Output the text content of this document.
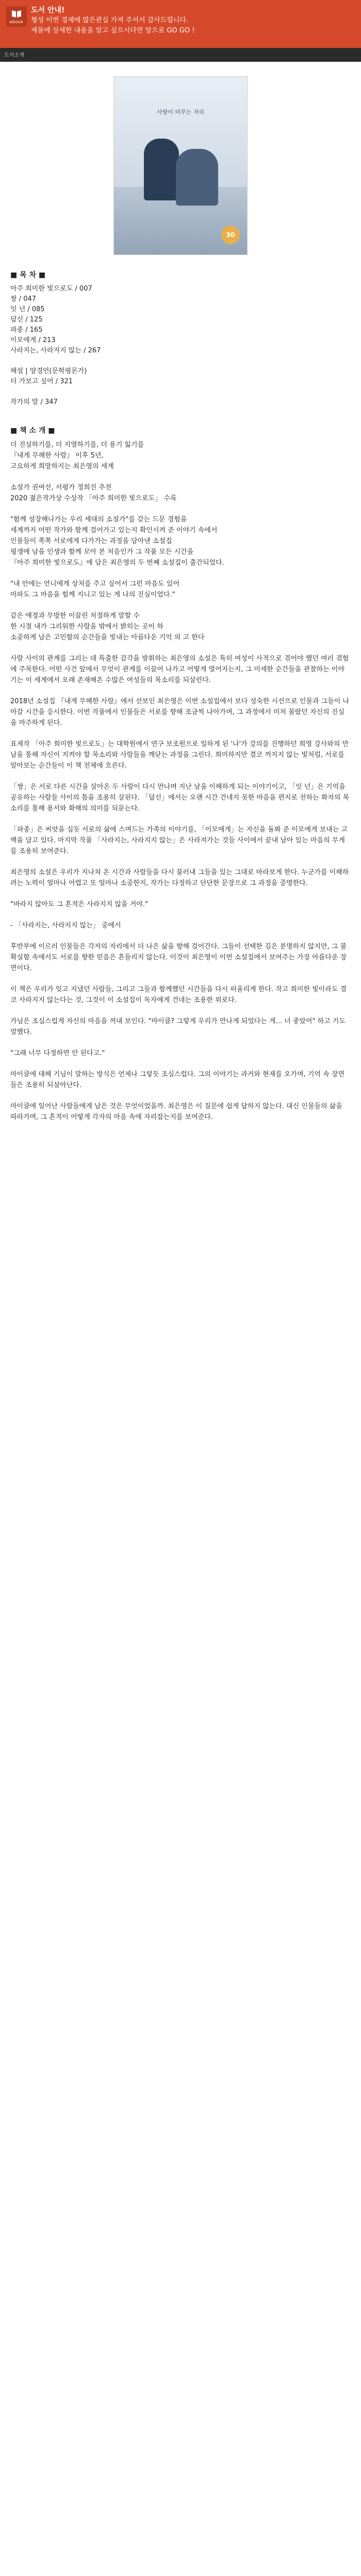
ebook
도서 안내!
형성 이번 경제에 많은관심 가져 주셔서 감사드립니다.
제품에 상세한 내용을 알고 싶으시다면 알으로 GO GO !
도서소개
사랑이 머무는 자리
30
■ 목 차 ■
아주 희미한 빛으로도 / 007
쌍 / 047
잇 넌 / 085
답신 / 125
파종 / 165
이모에게 / 213
사라지는, 사라지지 않는 / 267

해설 | 양경언(문학평론가)
더 가보고 싶어 / 321

작가의 말 / 347
■ 책 소 개 ■

더 진실하기를, 더 지열하기를, 더 용기 잃기를
『내게 무해한 사람』 이후 5년,
고요하게 희망하지는 최은영의 세계

소설가 권여선, 서평가 정희진 추천
2020 젊은작가상 수상작 「아주 희미한 빛으로도」 수록

"함께 성장해나가는 우리 세대의 소설가"를 갖는 드문 경험을
세계까지 어떤 작가와 함께 걸어가고 있는지 확인시켜 준 이야기 속에서
인물들이 쪽쪽 서로에게 다가가는 과정을 담아낸 소설집
평생에 남을 인생과 함께 모아 본 처음인가 그 작품 모든 시간을
『아주 희미한 빛으로도』에 담은 최은영의 두 번째 소설집이 출간되었다.

"내 안에는 언니에게 상처를 주고 싶어서 그런 마음도 있어
아파도 그 마음을 힘께 지니고 있는 게 나의 진실이었다."

같은 애정과 무방한 이끌린 처절하게 말할 수
한 시절 내가 그리워한 사람을 밖에서 밝히는 곳이 하
소중하게 남은 고민함의 순간들을 빛내는 아름다운 기억 의 고 한다

사람 사이의 관계를 그리는 데 특출한 감각을 발휘하는 최은영의 소설은 특히 여성이 사적으로 겪어야 했던 여러 겪험에 주목한다. 어떤 사건 앞에서 무엇이 관계를 이끌어 나가고 어떻게 멀어지는지, 그 미세한 순간들을 관찰하는 이야기는 이 세계에서 오래 존재해온 수많은 여성들의 목소리를 되살린다.

2018년 소설집 『내게 무해한 사람』에서 선보인 최은영은 이번 소설집에서 보다 성숙한 시선으로 인물과 그들이 나아갈 시간을 응시한다. 이번 작품에서 인물들은 서로를 향해 조금씩 나아가며, 그 과정에서 미처 몰랐던 자신의 진실을 마주하게 된다.

표제작 「아주 희미한 빛으로도」는 대학원에서 연구 보조원으로 일하게 된 '나'가 강의를 진행하던 희영 강사와의 만남을 통해 자신이 지켜야 할 목소리와 사람들을 깨닫는 과정을 그린다. 희미하지만 결코 꺼지지 않는 빛처럼, 서로를 알아보는 순간들이 이 책 전체에 흐른다.

「쌍」은 서로 다른 시간을 살아온 두 사람이 다시 만나며 지난 날을 이해하게 되는 이야기이고, 「잇 넌」은 기억을 공유하는 사람들 사이의 틈을 조용히 살핀다. 「답신」에서는 오랜 시간 건네지 못한 마음을 편지로 전하는 화자의 목소리를 통해 용서와 화해의 의미를 되묻는다.

「파종」은 씨앗을 심듯 서로의 삶에 스며드는 가족의 이야기를, 「이모에게」는 자신을 돌봐 준 이모에게 보내는 고백을 담고 있다. 마지막 작품 「사라지는, 사라지지 않는」은 사라져가는 것들 사이에서 끝내 남아 있는 마음의 무게를 조용히 보여준다.

최은영의 소설은 우리가 지나쳐 온 시간과 사람들을 다시 불러내 그들을 있는 그대로 바라보게 한다. 누군가를 이해하려는 노력이 얼마나 어렵고 또 얼마나 소중한지, 작가는 다정하고 단단한 문장으로 그 과정을 증명한다.

"바라지 않아도 그 흔적은 사라지지 않을 거야."

- 「사라지는, 사라지지 않는」 중에서

후반부에 이르러 인물들은 각자의 자리에서 더 나은 삶을 향해 걸어간다. 그들이 선택한 길은 분명하지 않지만, 그 불확실함 속에서도 서로를 향한 믿음은 흔들리지 않는다. 이것이 최은영이 이번 소설집에서 보여주는 가장 아름다운 장면이다.

이 책은 우리가 잊고 지냈던 사람들, 그리고 그들과 함께했던 시간들을 다시 떠올리게 한다. 작고 희미한 빛이라도 결코 사라지지 않는다는 것, 그것이 이 소설집이 독자에게 건네는 조용한 위로다.

가님은 조심스럽게 자신의 마음을 꺼내 보인다. "마이클? 그렇게 우리가 만나게 되었다는 게... 너 좋았어" 하고 기도 말했다.

"그래 너무 다정하면 안 된다고."

마이클에 대해 기님이 말하는 방식은 언제나 그렇듯 조심스럽다. 그의 이야기는 과거와 현재를 오가며, 기억 속 장면들은 조용히 되살아난다.

마이클에 일어난 사람들에게 남은 것은 무엇이었을까. 최은영은 이 질문에 쉽게 답하지 않는다. 대신 인물들의 삶을 따라가며, 그 흔적이 어떻게 각자의 마음 속에 자리잡는지를 보여준다.
